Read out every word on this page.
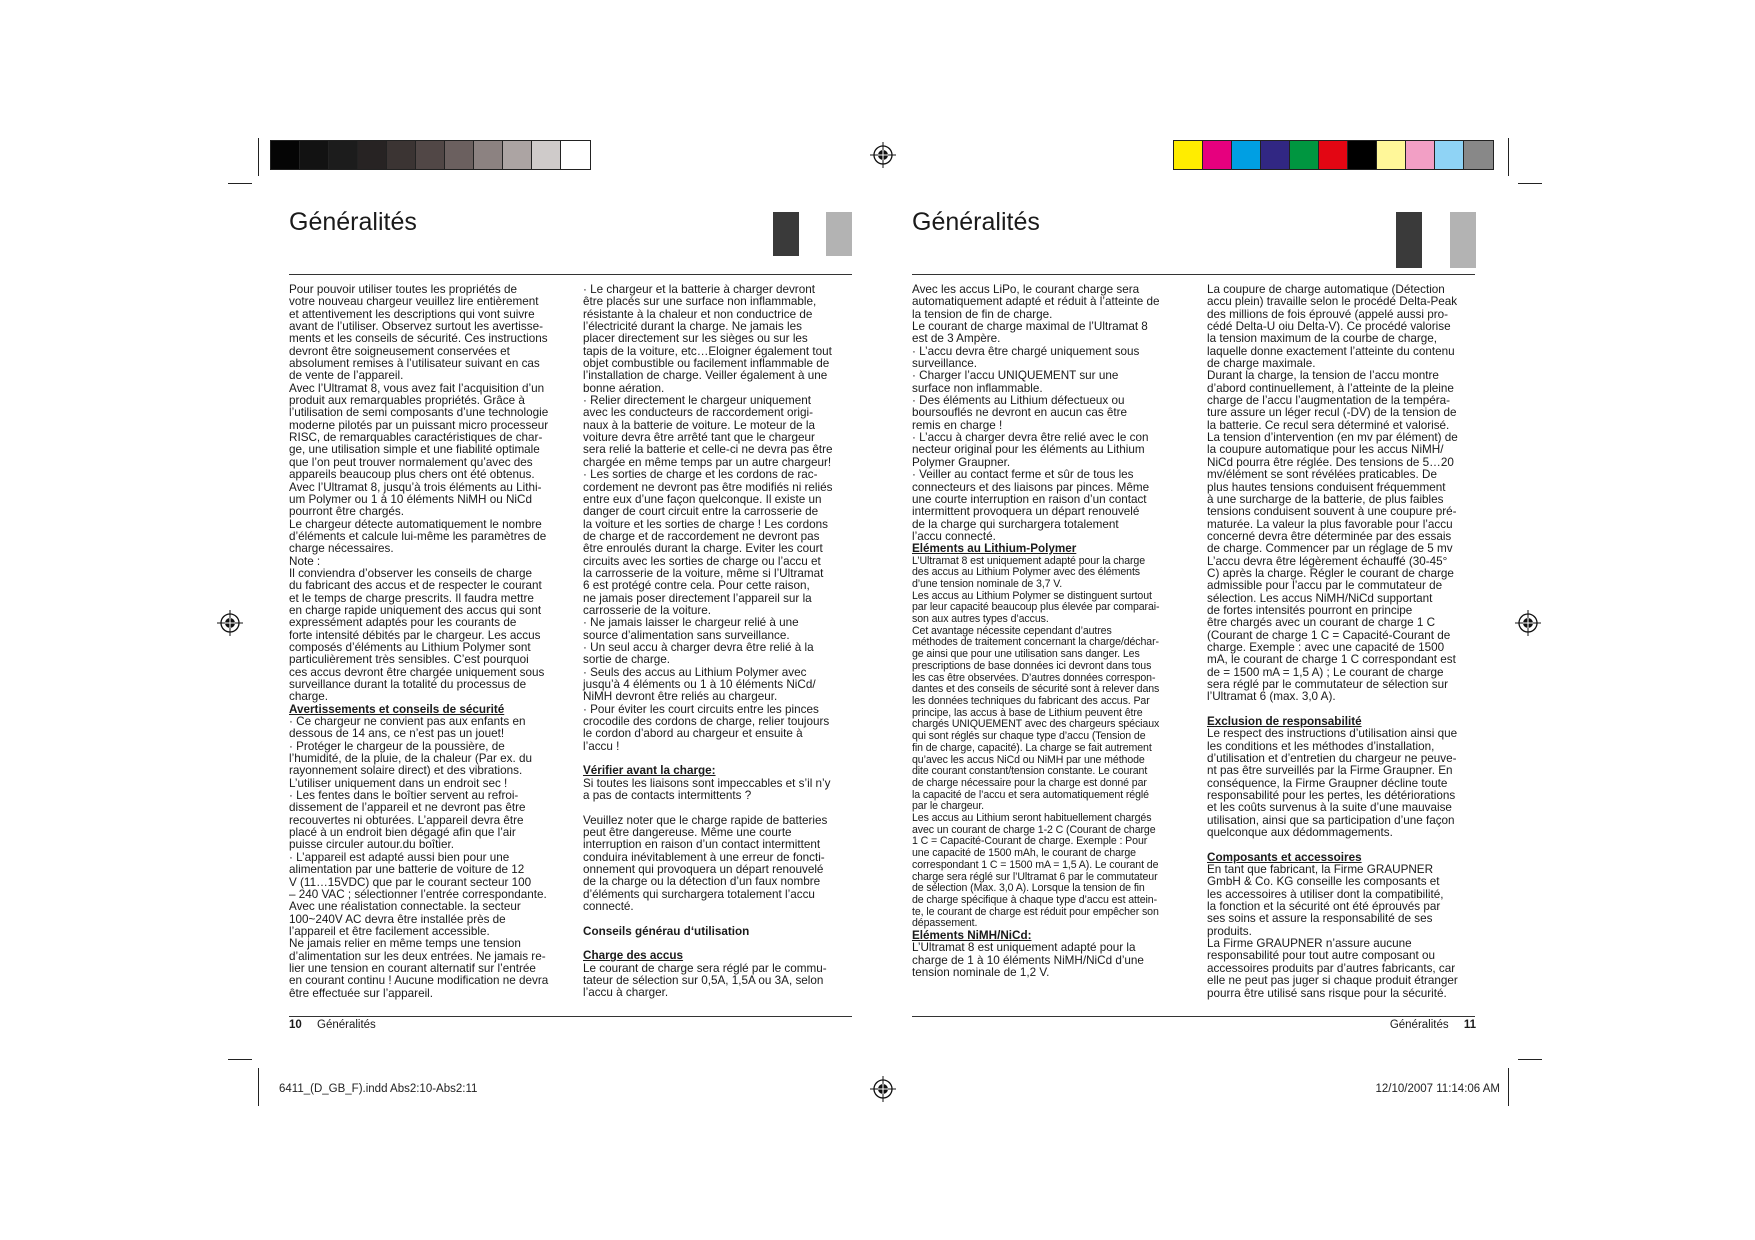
Généralités

Pour pouvoir utiliser toutes les propriétés de

votre nouveau chargeur veuillez lire entièrement

et attentivement les descriptions qui vont suivre

avant de l’utiliser. Observez surtout les avertisse-

ments et les conseils de sécurité. Ces instructions

devront être soigneusement conservées et

absolument remises à l’utilisateur suivant en cas

de vente de l’appareil.

Avec l’Ultramat 8, vous avez fait l’acquisition d’un

produit aux remarquables propriétés. Grâce à

l’utilisation de semi composants d’une technologie

moderne pilotés par un puissant micro processeur

RISC, de remarquables caractéristiques de char-

ge, une utilisation simple et une fiabilité optimale

que l’on peut trouver normalement qu’avec des

appareils beaucoup plus chers ont été obtenus.

Avec l’Ultramat 8, jusqu’à trois éléments au Lithi-

um Polymer ou 1 à 10 éléments NiMH ou NiCd

pourront être chargés.

Le chargeur détecte automatiquement le nombre

d’éléments et calcule lui-même les paramètres de

charge nécessaires.

Note :

Il conviendra d’observer les conseils de charge

du fabricant des accus et de respecter le courant

et le temps de charge prescrits. Il faudra mettre

en charge rapide uniquement des accus qui sont

expressément adaptés pour les courants de

forte intensité débités par le chargeur. Les accus

composés d’éléments au Lithium Polymer sont

particulièrement très sensibles. C’est pourquoi

ces accus devront être chargée uniquement sous

surveillance durant la totalité du processus de

charge.

Avertissements et conseils de sécurité

· Ce chargeur ne convient pas aux enfants en

dessous de 14 ans, ce n’est pas un jouet!

· Protéger le chargeur de la poussière, de

l’humidité, de la pluie, de la chaleur (Par ex. du

rayonnement solaire direct) et des vibrations.

L’utiliser uniquement dans un endroit sec !

· Les fentes dans le boîtier servent au refroi-

dissement de l’appareil et ne devront pas être

recouvertes ni obturées. L’appareil devra être

placé à un endroit bien dégagé afin que l’air

puisse circuler autour.du boîtier.

· L’appareil est adapté aussi bien pour une

alimentation par une batterie de voiture de 12

V (11…15VDC) que par le courant secteur 100

– 240 VAC ; sélectionner l’entrée correspondante.

Avec une réalistation connectable. la secteur

100~240V AC devra être installée près de

l’appareil et être facilement accessible.

Ne jamais relier en même temps une tension

d’alimentation sur les deux entrées. Ne jamais re-

lier une tension en courant alternatif sur l’entrée

en courant continu ! Aucune modification ne devra

être effectuée sur l’appareil.

· Le chargeur et la batterie à charger devront

être placés sur une surface non inflammable,

résistante à la chaleur et non conductrice de

l’électricité durant la charge. Ne jamais les

placer directement sur les sièges ou sur les

tapis de la voiture, etc…Eloigner également tout

objet combustible ou facilement inflammable de

l’installation de charge. Veiller également à une

bonne aération.

· Relier directement le chargeur uniquement

avec les conducteurs de raccordement origi-

naux à la batterie de voiture. Le moteur de la

voiture devra être arrêté tant que le chargeur

sera relié la batterie et celle-ci ne devra pas être

chargée en même temps par un autre chargeur!

· Les sorties de charge et les cordons de rac-

cordement ne devront pas être modifiés ni reliés

entre eux d’une façon quelconque. Il existe un

danger de court circuit entre la carrosserie de

la voiture et les sorties de charge ! Les cordons

de charge et de raccordement ne devront pas

être enroulés durant la charge. Eviter les court

circuits avec les sorties de charge ou l’accu et

la carrosserie de la voiture, même si l’Ultramat

6 est protégé contre cela. Pour cette raison,

ne jamais poser directement l’appareil sur la

carrosserie de la voiture.

· Ne jamais laisser le chargeur relié à une

source d’alimentation sans surveillance.

· Un seul accu à charger devra être relié à la

sortie de charge.

· Seuls des accus au Lithium Polymer avec

jusqu’à 4 éléments ou 1 à 10 éléments NiCd/

NiMH devront être reliés au chargeur.

· Pour éviter les court circuits entre les pinces

crocodile des cordons de charge, relier toujours

le cordon d’abord au chargeur et ensuite à

l’accu !

Vérifier avant la charge:

Si toutes les liaisons sont impeccables et s’il n’y

a pas de contacts intermittents ?

Veuillez noter que le charge rapide de batteries

peut être dangereuse. Même une courte

interruption en raison d’un contact intermittent

conduira inévitablement à une erreur de foncti-

onnement qui provoquera un départ renouvelé

de la charge ou la détection d’un faux nombre

d’éléments qui surchargera totalement l’accu

connecté.

Conseils générau d‘utilisation

Charge des accus

Le courant de charge sera réglé par le commu-

tateur de sélection sur 0,5A, 1,5A ou 3A, selon

l’accu à charger.

10 Généralités
Généralités

Avec les accus LiPo, le courant charge sera

automatiquement adapté et réduit à l’atteinte de

la tension de fin de charge.

Le courant de charge maximal de l’Ultramat 8

est de 3 Ampère.

· L’accu devra être chargé uniquement sous

surveillance.

· Charger l’accu UNIQUEMENT sur une

surface non inflammable.

· Des éléments au Lithium défectueux ou

boursouflés ne devront en aucun cas être

remis en charge !

· L’accu à charger devra être relié avec le con

necteur original pour les éléments au Lithium

Polymer Graupner.

· Veiller au contact ferme et sûr de tous les

connecteurs et des liaisons par pinces. Même

une courte interruption en raison d’un contact

intermittent provoquera un départ renouvelé

de la charge qui surchargera totalement

l’accu connecté.

Eléments au Lithium-Polymer

L’Ultramat 8 est uniquement adapté pour la charge

des accus au Lithium Polymer avec des éléments

d’une tension nominale de 3,7 V.

Les accus au Lithium Polymer se distinguent surtout

par leur capacité beaucoup plus élevée par comparai-

son aux autres types d’accus.

Cet avantage nécessite cependant d’autres

méthodes de traitement concernant la charge/déchar-

ge ainsi que pour une utilisation sans danger. Les

prescriptions de base données ici devront dans tous

les cas être observées. D’autres données correspon-

dantes et des conseils de sécurité sont à relever dans

les données techniques du fabricant des accus. Par

principe, las accus à base de Lithium peuvent être

chargés UNIQUEMENT avec des chargeurs spéciaux

qui sont réglés sur chaque type d’accu (Tension de

fin de charge, capacité). La charge se fait autrement

qu’avec les accus NiCd ou NiMH par une méthode

dite courant constant/tension constante. Le courant

de charge nécessaire pour la charge est donné par

la capacité de l’accu et sera automatiquement réglé

par le chargeur.

Les accus au Lithium seront habituellement chargés

avec un courant de charge 1-2 C (Courant de charge

1 C = Capacité-Courant de charge. Exemple : Pour

une capacité de 1500 mAh, le courant de charge

correspondant 1 C = 1500 mA = 1,5 A). Le courant de

charge sera réglé sur l’Ultramat 6 par le commutateur

de sélection (Max. 3,0 A). Lorsque la tension de fin

de charge spécifique à chaque type d’accu est attein-

te, le courant de charge est réduit pour empêcher son

dépassement.

Eléments NiMH/NiCd:

L’Ultramat 8 est uniquement adapté pour la

charge de 1 à 10 éléments NiMH/NiCd d’une

tension nominale de 1,2 V.

La coupure de charge automatique (Détection

accu plein) travaille selon le procédé Delta-Peak

des millions de fois éprouvé (appelé aussi pro-

cédé Delta-U oiu Delta-V). Ce procédé valorise

la tension maximum de la courbe de charge,

laquelle donne exactement l’atteinte du contenu

de charge maximale.

Durant la charge, la tension de l’accu montre

d’abord continuellement, à l’atteinte de la pleine

charge de l’accu l’augmentation de la tempéra-

ture assure un léger recul (-DV) de la tension de

la batterie. Ce recul sera déterminé et valorisé.

La tension d’intervention (en mv par élément) de

la coupure automatique pour les accus NiMH/

NiCd pourra être réglée. Des tensions de 5…20

mv/élément se sont révélées praticables. De

plus hautes tensions conduisent fréquemment

à une surcharge de la batterie, de plus faibles

tensions conduisent souvent à une coupure pré-

maturée. La valeur la plus favorable pour l’accu

concerné devra être déterminée par des essais

de charge. Commencer par un réglage de 5 mv

L’accu devra être légèrement échauffé (30-45°

C) après la charge. Régler le courant de charge

admissible pour l’accu par le commutateur de

sélection. Les accus NiMH/NiCd supportant

de fortes intensités pourront en principe

être chargés avec un courant de charge 1 C

(Courant de charge 1 C = Capacité-Courant de

charge. Exemple : avec une capacité de 1500

mA, le courant de charge 1 C correspondant est

de = 1500 mA = 1,5 A) ; Le courant de charge

sera réglé par le commutateur de sélection sur

l’Ultramat 6 (max. 3,0 A).

Exclusion de responsabilité

Le respect des instructions d’utilisation ainsi que

les conditions et les méthodes d’installation,

d’utilisation et d’entretien du chargeur ne peuve-

nt pas être surveillés par la Firme Graupner. En

conséquence, la Firme Graupner décline toute

responsabilité pour les pertes, les détériorations

et les coûts survenus à la suite d’une mauvaise

utilisation, ainsi que sa participation d’une façon

quelconque aux dédommagements.

Composants et accessoires

En tant que fabricant, la Firme GRAUPNER

GmbH & Co. KG conseille les composants et

les accessoires à utiliser dont la compatibilité,

la fonction et la sécurité ont été éprouvés par

ses soins et assure la responsabilité de ses

produits.

La Firme GRAUPNER n’assure aucune

responsabilité pour tout autre composant ou

accessoires produits par d’autres fabricants, car

elle ne peut pas juger si chaque produit étranger

pourra être utilisé sans risque pour la sécurité.

Généralités 11
6411_(D_GB_F).indd Abs2:10-Abs2:11	12/10/2007 11:14:06 AM
